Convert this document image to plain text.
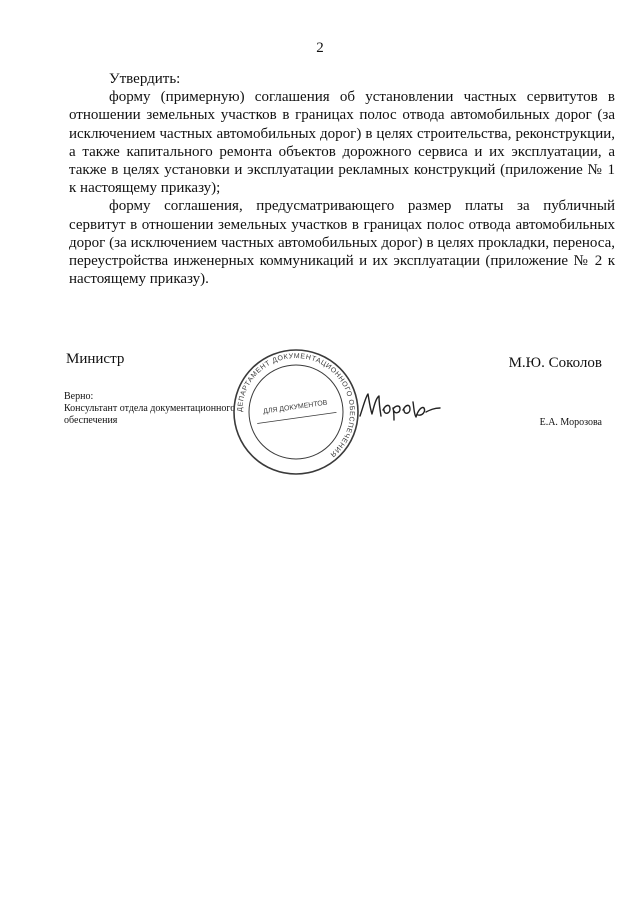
2

Утвердить:

форму (примерную) соглашения об установлении частных сервитутов в отношении земельных участков в границах полос отвода автомобильных дорог (за исключением частных автомобильных дорог) в целях строительства, реконструкции, а также капитального ремонта объектов дорожного сервиса и их эксплуатации, а также в целях установки и эксплуатации рекламных конструкций (приложение № 1 к настоящему приказу);

форму соглашения, предусматривающего размер платы за публичный сервитут в отношении земельных участков в границах полос отвода автомобильных дорог (за исключением частных автомобильных дорог) в целях прокладки, переноса, переустройства инженерных коммуникаций и их эксплуатации (приложение № 2 к настоящему приказу).

Министр	М.Ю. Соколов
Верно:
Консультант отдела документационного
обеспечения	Е.А. Морозова
ДЕПАРТАМЕНТ ДОКУМЕНТАЦИОННОГО ОБЕСПЕЧЕНИЯ
ДЛЯ ДОКУМЕНТОВ
